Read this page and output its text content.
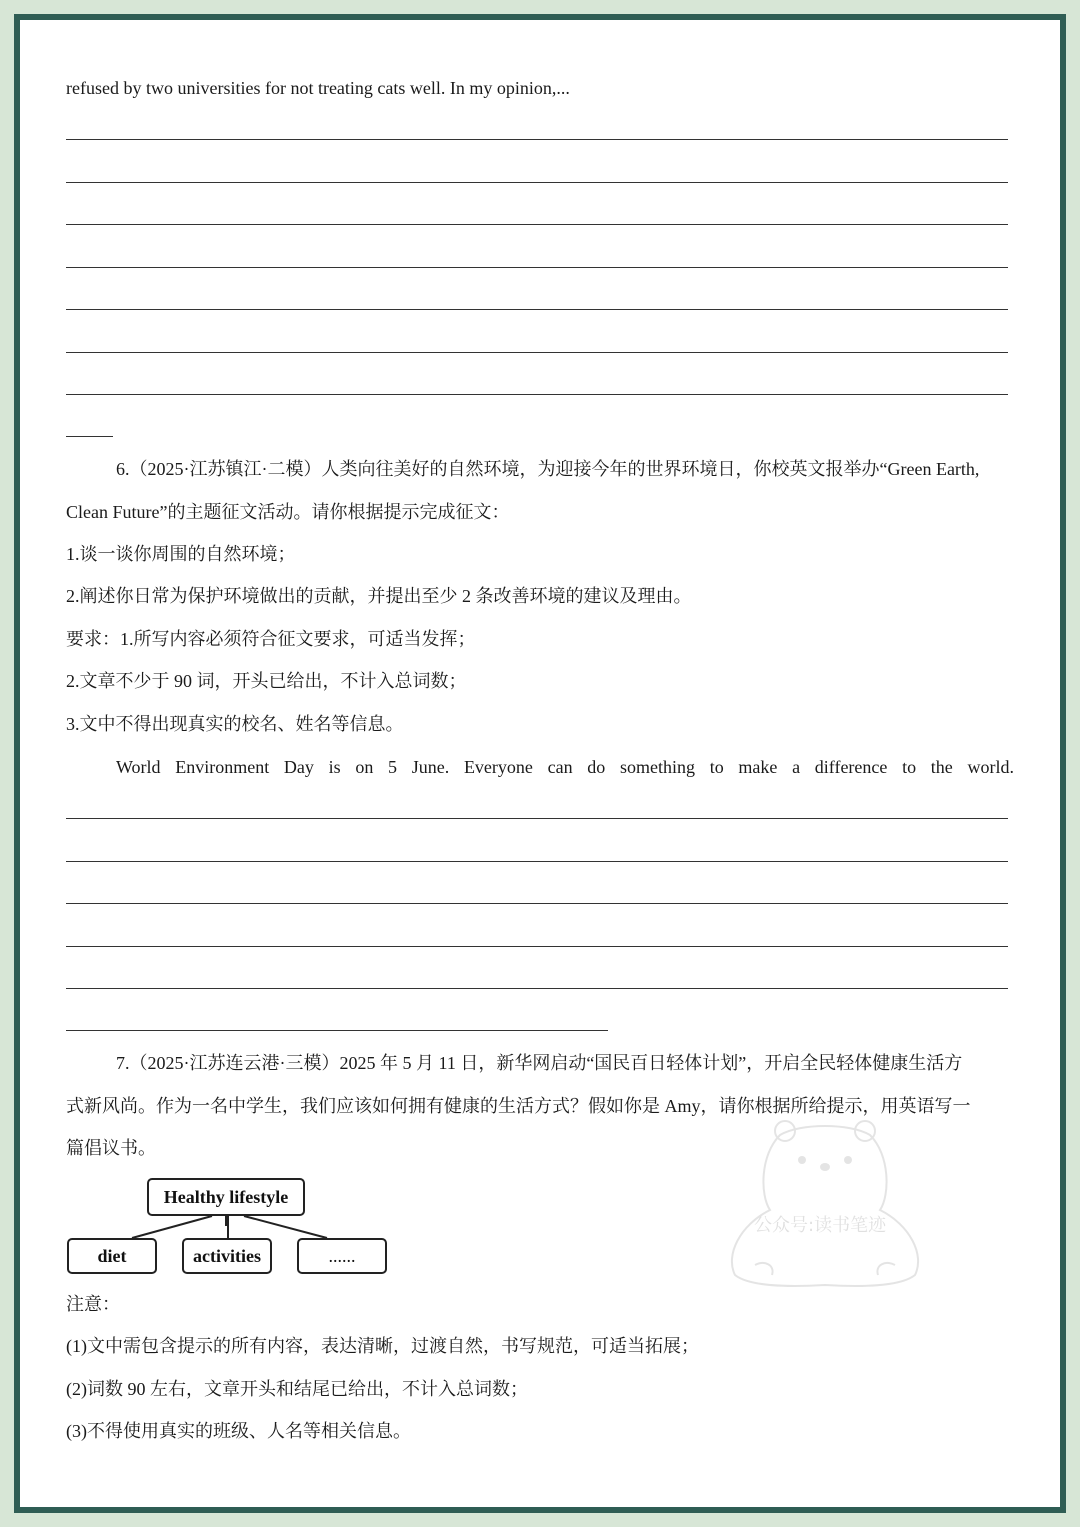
refused by two universities for not treating cats well. In my opinion,...
6.（2025·江苏镇江·二模）人类向往美好的自然环境，为迎接今年的世界环境日，你校英文报举办“Green Earth,
Clean Future”的主题征文活动。请你根据提示完成征文：
1.谈一谈你周围的自然环境；
2.阐述你日常为保护环境做出的贡献，并提出至少 2 条改善环境的建议及理由。
要求：1.所写内容必须符合征文要求，可适当发挥；
2.文章不少于 90 词，开头已给出，不计入总词数；
3.文中不得出现真实的校名、姓名等信息。
World Environment Day is on 5 June. Everyone can do something to make a difference to the world.
7.（2025·江苏连云港·三模）2025 年 5 月 11 日，新华网启动“国民百日轻体计划”，开启全民轻体健康生活方
式新风尚。作为一名中学生，我们应该如何拥有健康的生活方式？假如你是 Amy，请你根据所给提示，用英语写一
篇倡议书。
Healthy lifestyle
diet	activities	......
公众号:读书笔迹
注意：
(1)文中需包含提示的所有内容，表达清晰，过渡自然，书写规范，可适当拓展；
(2)词数 90 左右，文章开头和结尾已给出，不计入总词数；
(3)不得使用真实的班级、人名等相关信息。
